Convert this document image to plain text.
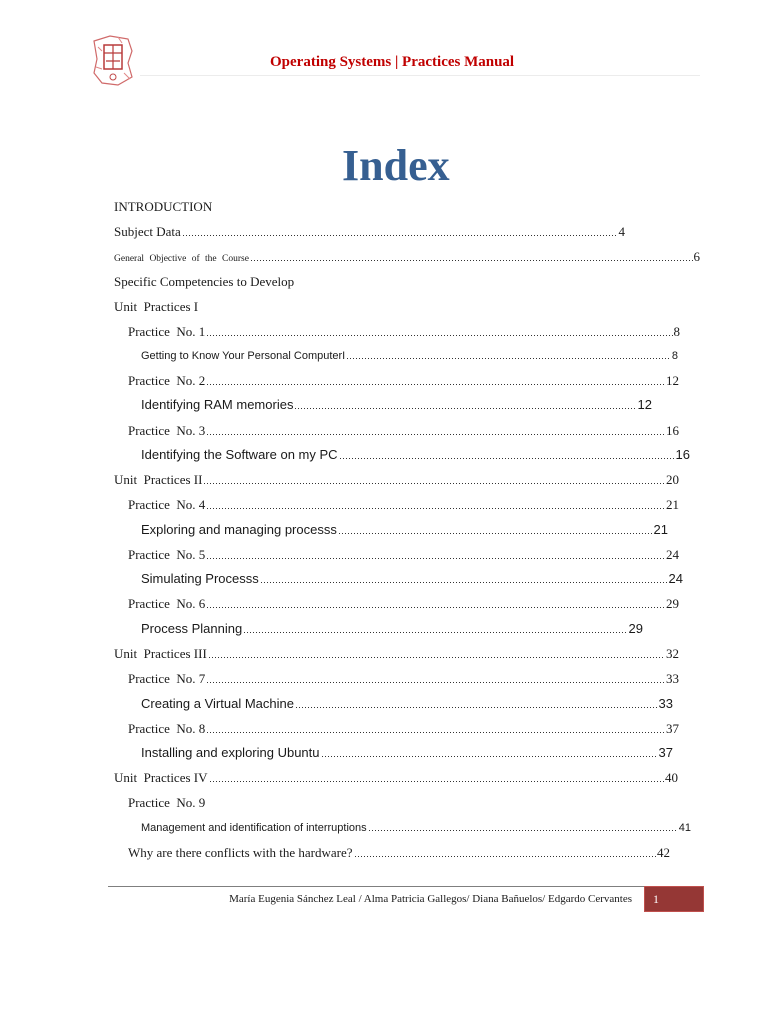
Operating Systems | Practices Manual
Index
INTRODUCTION
Subject Data	4
General Objective of the Course	6
Specific Competencies to Develop
Unit  Practices I
Practice  No. 1	8
Getting to Know Your Personal ComputerI	8
Practice  No. 2	12
Identifying RAM memories	12
Practice  No. 3	16
Identifying the Software on my PC	16
Unit  Practices II	20
Practice  No. 4	21
Exploring and managing processs	21
Practice  No. 5	24
Simulating Processs	24
Practice  No. 6	29
Process Planning	29
Unit  Practices III	32
Practice  No. 7	33
Creating a Virtual Machine	33
Practice  No. 8	37
Installing and exploring Ubuntu	37
Unit  Practices IV	40
Practice  No. 9
Management and identification of interruptions	41
Why are there conflicts with the hardware?	42
María Eugenia Sánchez Leal / Alma Patricia Gallegos/ Diana Bañuelos/ Edgardo Cervantes 1
